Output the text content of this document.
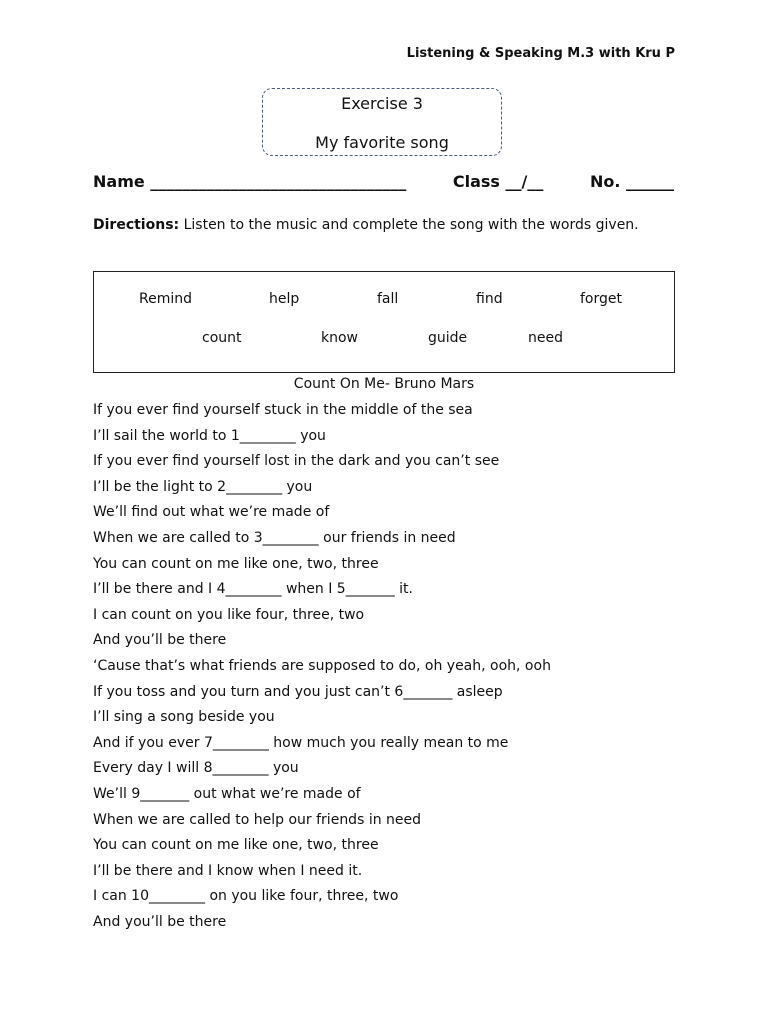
Listening & Speaking M.3 with Kru P
Exercise 3
My favorite song
Name ________________________________	Class __/__	No. ______
Directions: Listen to the music and complete the song with the words given.
Remind	help	fall	find	forget
count	know	guide	need
Count On Me- Bruno Mars
If you ever find yourself stuck in the middle of the sea
I’ll sail the world to 1________ you
If you ever find yourself lost in the dark and you can’t see
I’ll be the light to 2________ you
We’ll find out what we’re made of
When we are called to 3________ our friends in need
You can count on me like one, two, three
I’ll be there and I 4________ when I 5_______ it.
I can count on you like four, three, two
And you’ll be there
‘Cause that’s what friends are supposed to do, oh yeah, ooh, ooh
If you toss and you turn and you just can’t 6_______ asleep
I’ll sing a song beside you
And if you ever 7________ how much you really mean to me
Every day I will 8________ you
We’ll 9_______ out what we’re made of
When we are called to help our friends in need
You can count on me like one, two, three
I’ll be there and I know when I need it.
I can 10________ on you like four, three, two
And you’ll be there
